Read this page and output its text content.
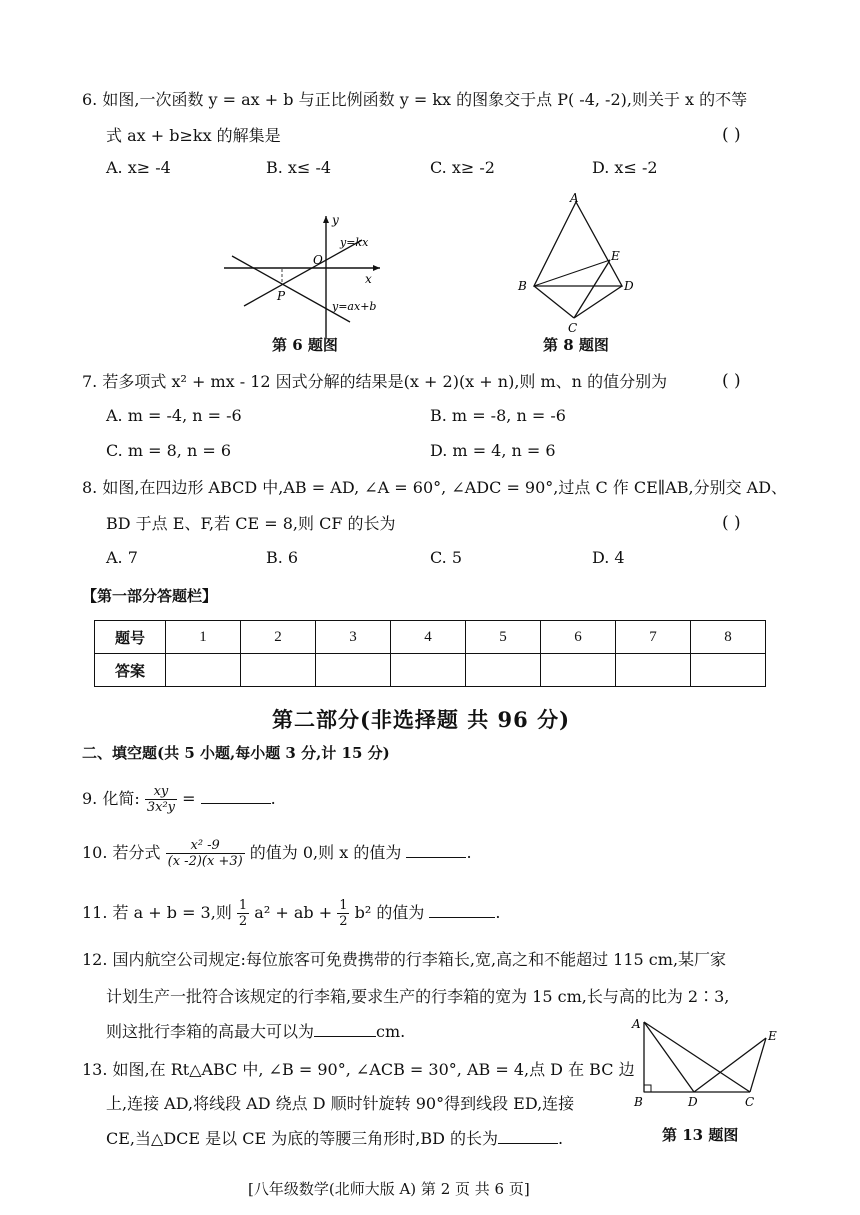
6. 如图,一次函数 y = ax + b 与正比例函数 y = kx 的图象交于点 P( -4, -2),则关于 x 的不等
式 ax + b≥kx 的解集是	( )
A. x≥ -4	B. x≤ -4	C. x≥ -2	D. x≤ -2
y
x
O
P
y=kx
y=ax+b
第 6 题图
A
B
C
D
E
第 8 题图
7. 若多项式 x² + mx - 12 因式分解的结果是(x + 2)(x + n),则 m、n 的值分别为	( )
A. m = -4, n = -6	B. m = -8, n = -6
C. m = 8, n = 6	D. m = 4, n = 6
8. 如图,在四边形 ABCD 中,AB = AD, ∠A = 60°, ∠ADC = 90°,过点 C 作 CE∥AB,分别交 AD、
BD 于点 E、F,若 CE = 8,则 CF 的长为	( )
A. 7	B. 6	C. 5	D. 4
【第一部分答题栏】
题号	1	2	3	4	5	6	7	8
答案								
第二部分(非选择题 共 96 分)
二、填空题(共 5 小题,每小题 3 分,计 15 分)
9. 化简: $\frac{xy}{\text{3x²y}}$ =	.
10. 若分式 $\frac{\text{x² -9}}{(x -2)(x +3)}$ 的值为 0,则 x 的值为	.
11. 若 a + b = 3,则 $\frac{1}{2} a^2$ + ab + $\frac{1}{2} b^2$ 的值为	.
12. 国内航空公司规定:每位旅客可免费携带的行李箱长,宽,高之和不能超过 115 cm,某厂家
计划生产一批符合该规定的行李箱,要求生产的行李箱的宽为 15 cm,长与高的比为 2∶3,
则这批行李箱的高最大可以为	cm.
13. 如图,在 Rt△ABC 中, ∠B = 90°, ∠ACB = 30°, AB = 4,点 D 在 BC 边
上,连接 AD,将线段 AD 绕点 D 顺时针旋转 90°得到线段 ED,连接
CE,当△DCE 是以 CE 为底的等腰三角形时,BD 的长为	.
A
B	D	C
E
第 13 题图
[八年级数学(北师大版 A) 第 2 页 共 6 页]
